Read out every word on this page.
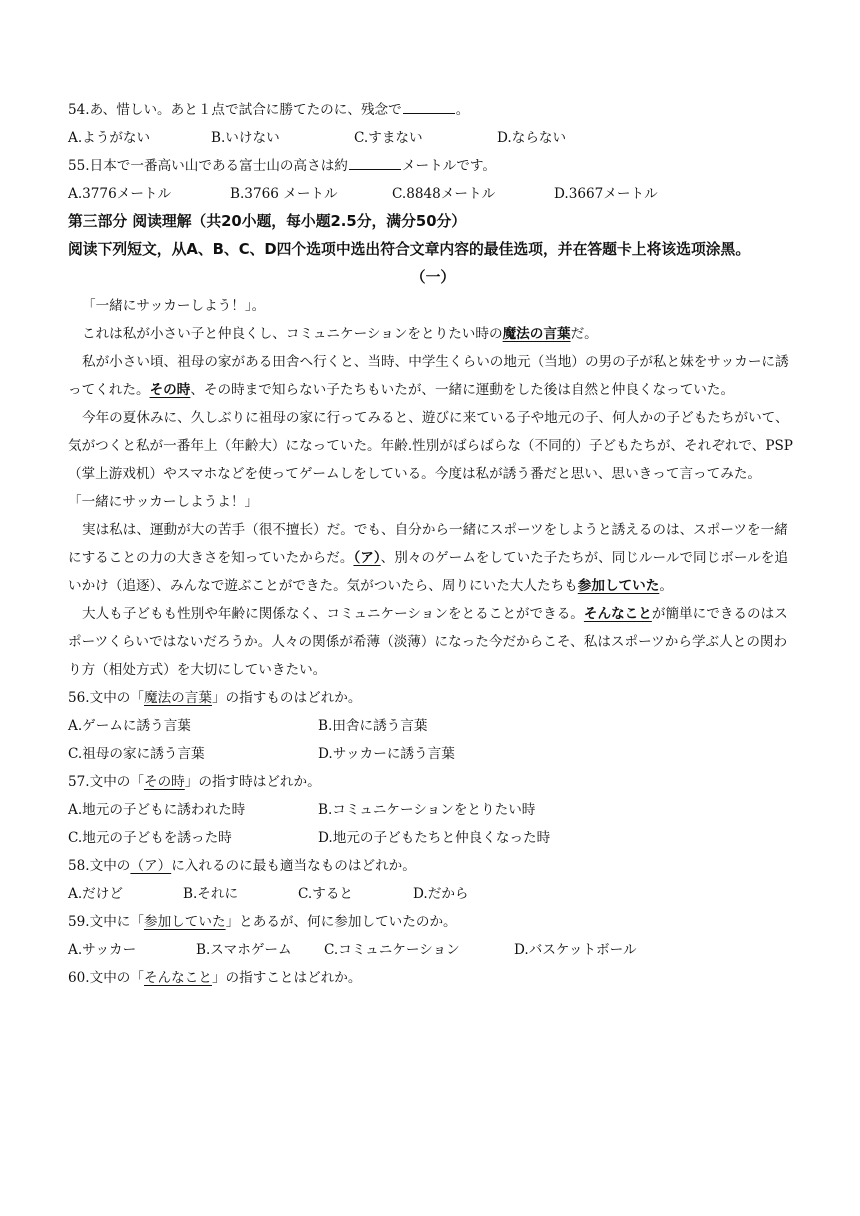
54.あ、惜しい。あと１点で試合に勝てたのに、残念で	。
A.ようがない	B.いけない	C.すまない	D.ならない
55.日本で一番高い山である富士山の高さは約	メートルです。
A.3776メートル	B.3766 メートル	C.8848メートル	D.3667メートル
第三部分 阅读理解（共20小题，每小题2.5分，满分50分）
阅读下列短文，从A、B、C、D四个选项中选出符合文章内容的最佳选项，并在答题卡上将该选项涂黑。
（一）
「一緒にサッカーしよう！」。
これは私が小さい子と仲良くし、コミュニケーションをとりたい時の魔法の言葉だ。
私が小さい頃、祖母の家がある田舎へ行くと、当時、中学生くらいの地元（当地）の男の子が私と妹をサッカーに誘ってくれた。その時、その時まで知らない子たちもいたが、一緒に運動をした後は自然と仲良くなっていた。
今年の夏休みに、久しぶりに祖母の家に行ってみると、遊びに来ている子や地元の子、何人かの子どもたちがいて、気がつくと私が一番年上（年齢大）になっていた。年齢.性別がばらばらな（不同的）子どもたちが、それぞれで、PSP（掌上游戏机）やスマホなどを使ってゲームしをしている。今度は私が誘う番だと思い、思いきって言ってみた。
「一緒にサッカーしようよ！」
実は私は、運動が大の苦手（很不擅长）だ。でも、自分から一緒にスポーツをしようと誘えるのは、スポーツを一緒にすることの力の大きさを知っていたからだ。（ア）、別々のゲームをしていた子たちが、同じルールで同じボールを追いかけ（追逐）、みんなで遊ぶことができた。気がついたら、周りにいた大人たちも参加していた。
大人も子どもも性別や年齢に関係なく、コミュニケーションをとることができる。そんなことが簡単にできるのはスポーツくらいではないだろうか。人々の関係が希薄（淡薄）になった今だからこそ、私はスポーツから学ぶ人との関わり方（相处方式）を大切にしていきたい。
56.文中の「魔法の言葉」の指すものはどれか。
A.ゲームに誘う言葉	B.田舎に誘う言葉
C.祖母の家に誘う言葉	D.サッカーに誘う言葉
57.文中の「その時」の指す時はどれか。
A.地元の子どもに誘われた時	B.コミュニケーションをとりたい時
C.地元の子どもを誘った時	D.地元の子どもたちと仲良くなった時
58.文中の（ア）に入れるのに最も適当なものはどれか。
A.だけど	B.それに	C.すると	D.だから
59.文中に「参加していた」とあるが、何に参加していたのか。
A.サッカー	B.スマホゲーム	C.コミュニケーション	D.バスケットボール
60.文中の「そんなこと」の指すことはどれか。
